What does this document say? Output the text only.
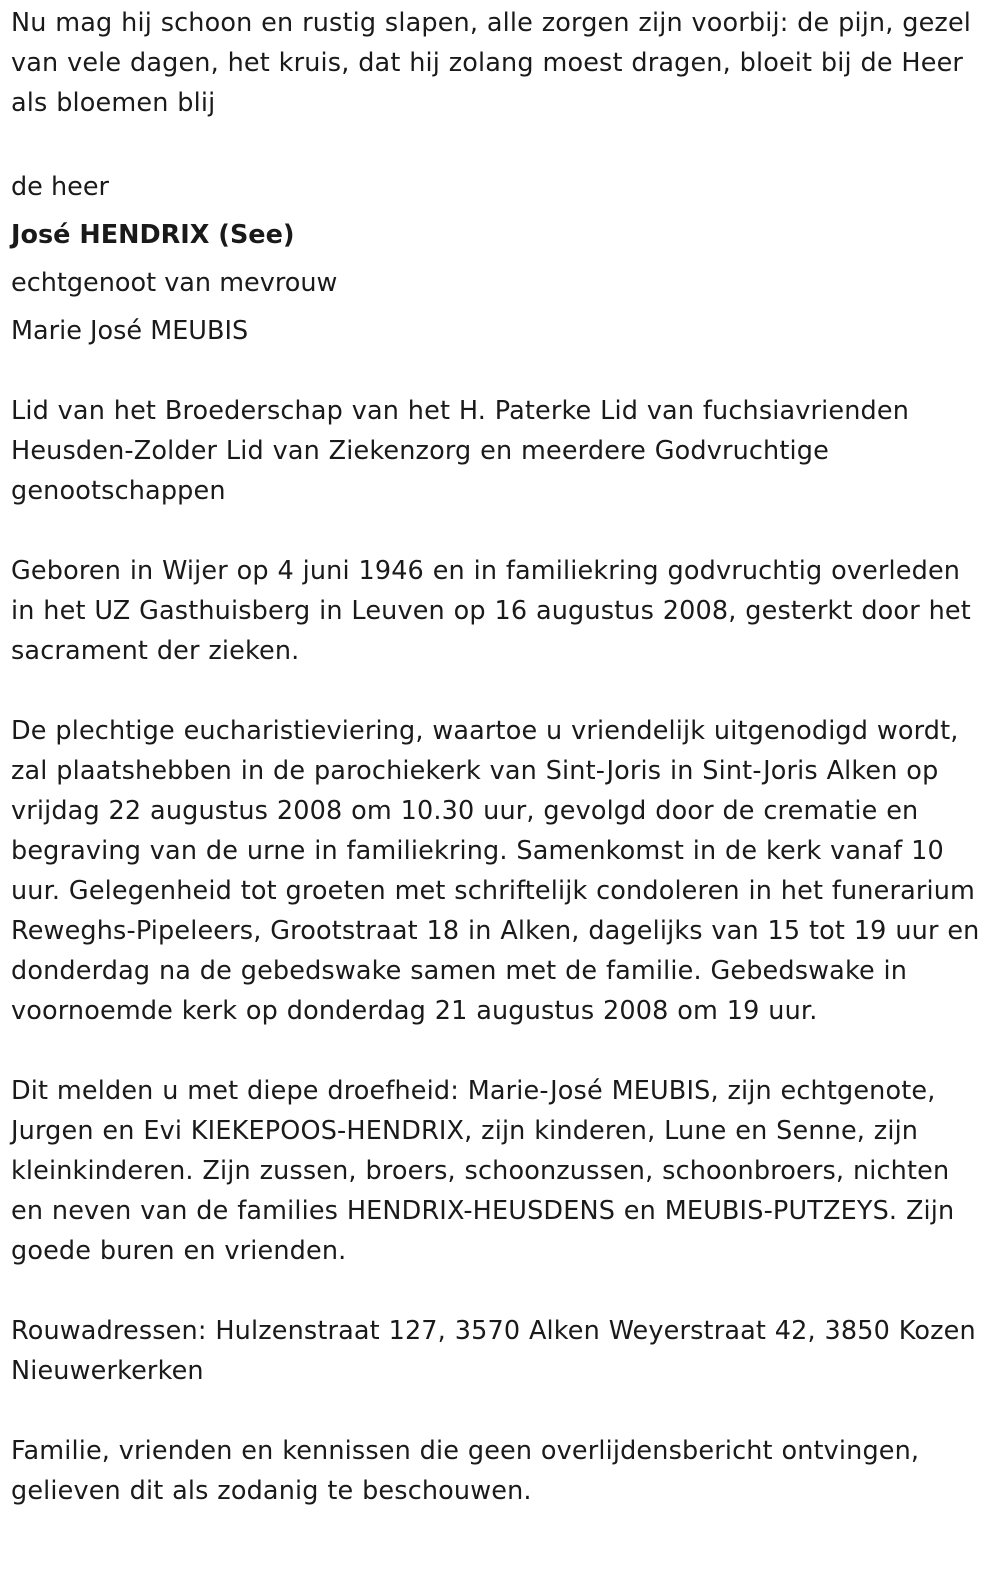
Nu mag hij schoon en rustig slapen, alle zorgen zijn voorbij: de pijn, gezel van vele dagen, het kruis, dat hij zolang moest dragen, bloeit bij de Heer als bloemen blij

de heer

José HENDRIX (See)

echtgenoot van mevrouw

Marie José MEUBIS

Lid van het Broederschap van het H. Paterke Lid van fuchsiavrienden Heusden-Zolder Lid van Ziekenzorg en meerdere Godvruchtige genootschappen

Geboren in Wijer op 4 juni 1946 en in familiekring godvruchtig overleden in het UZ Gasthuisberg in Leuven op 16 augustus 2008, gesterkt door het sacrament der zieken.

De plechtige eucharistieviering, waartoe u vriendelijk uitgenodigd wordt, zal plaatshebben in de parochiekerk van Sint-Joris in Sint-Joris Alken op vrijdag 22 augustus 2008 om 10.30 uur, gevolgd door de crematie en begraving van de urne in familiekring. Samenkomst in de kerk vanaf 10 uur. Gelegenheid tot groeten met schriftelijk condoleren in het funerarium Reweghs-Pipeleers, Grootstraat 18 in Alken, dagelijks van 15 tot 19 uur en donderdag na de gebedswake samen met de familie. Gebedswake in voornoemde kerk op donderdag 21 augustus 2008 om 19 uur.

Dit melden u met diepe droefheid: Marie-José MEUBIS, zijn echtgenote, Jurgen en Evi KIEKEPOOS-HENDRIX, zijn kinderen, Lune en Senne, zijn kleinkinderen. Zijn zussen, broers, schoonzussen, schoonbroers, nichten en neven van de families HENDRIX-HEUSDENS en MEUBIS-PUTZEYS. Zijn goede buren en vrienden.

Rouwadressen: Hulzenstraat 127, 3570 Alken Weyerstraat 42, 3850 Kozen Nieuwerkerken

Familie, vrienden en kennissen die geen overlijdensbericht ontvingen, gelieven dit als zodanig te beschouwen.
